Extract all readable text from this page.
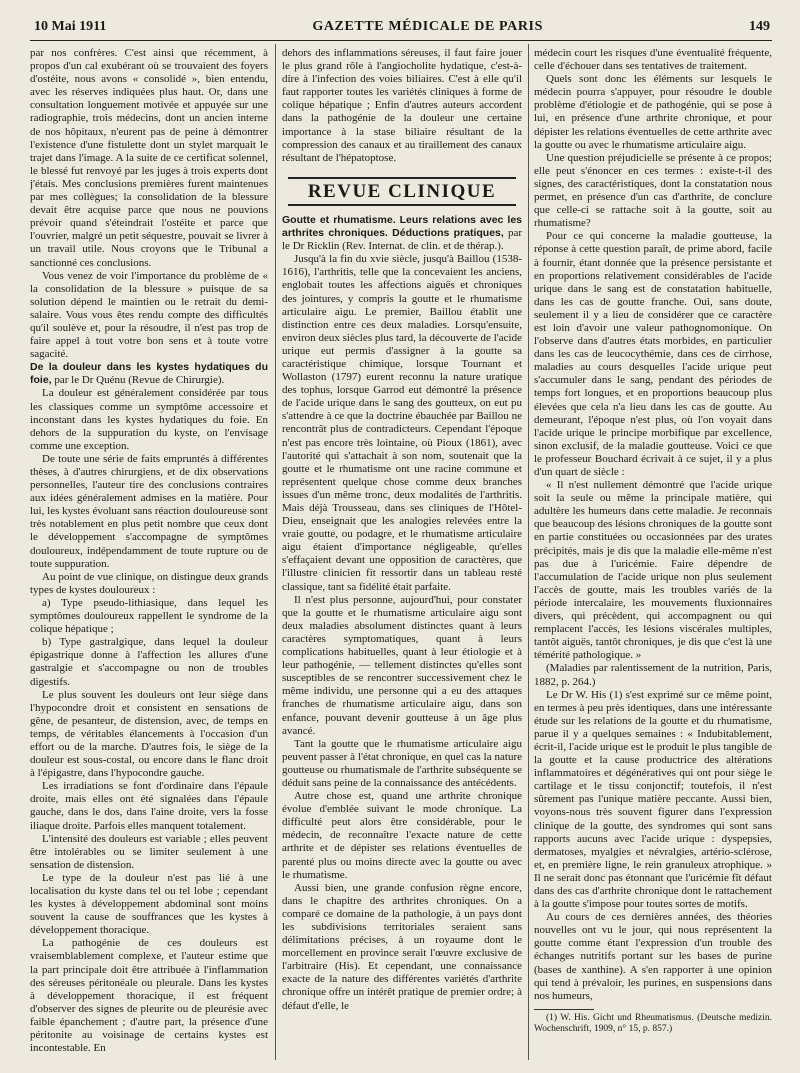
10 Mai 1911	GAZETTE MÉDICALE DE PARIS	149

par nos confrères. C'est ainsi que récemment, à propos d'un cal exubérant où se trouvaient des foyers d'ostéite, nous avons « consolidé », bien entendu, avec les réserves indiquées plus haut. Or, dans une consultation longuement motivée et appuyée sur une radiographie, trois médecins, dont un ancien interne de nos hôpitaux, n'eurent pas de peine à démontrer l'existence d'une fistulette dont un stylet marquait le trajet dans l'image. A la suite de ce certificat solennel, le blessé fut renvoyé par les juges à trois experts dont j'étais. Mes conclusions premières furent maintenues par mes collègues; la consolidation de la blessure devait être acquise parce que nous ne pouvions prévoir quand s'éteindrait l'ostéite et parce que l'ouvrier, malgré un petit séquestre, pouvait se livrer à un travail utile. Nous croyons que le Tribunal a sanctionné ces conclusions.

Vous venez de voir l'importance du problème de « la consolidation de la blessure » puisque de sa solution dépend le maintien ou le retrait du demi-salaire. Vous vous êtes rendu compte des difficultés qu'il soulève et, pour la résoudre, il n'est pas trop de faire appel à tout votre bon sens et à toute votre sagacité.

De la douleur dans les kystes hydatiques du foie, par le Dr Quénu (Revue de Chirurgie).

La douleur est généralement considérée par tous les classiques comme un symptôme accessoire et inconstant dans les kystes hydatiques du foie. En dehors de la suppuration du kyste, on l'envisage comme une exception.

De toute une série de faits empruntés à différentes thèses, à d'autres chirurgiens, et de dix observations personnelles, l'auteur tire des conclusions contraires aux idées généralement admises en la matière. Pour lui, les kystes évoluant sans réaction douloureuse sont très notablement en plus petit nombre que ceux dont le développement s'accompagne de symptômes douloureux, indépendamment de toute rupture ou de toute suppuration.

Au point de vue clinique, on distingue deux grands types de kystes douloureux :

a) Type pseudo-lithiasique, dans lequel les symptômes douloureux rappellent le syndrome de la colique hépatique ;

b) Type gastralgique, dans lequel la douleur épigastrique donne à l'affection les allures d'une gastralgie et s'accompagne ou non de troubles digestifs.

Le plus souvent les douleurs ont leur siège dans l'hypocondre droit et consistent en sensations de gêne, de pesanteur, de distension, avec, de temps en temps, de véritables élancements à l'occasion d'un effort ou de la marche. D'autres fois, le siège de la douleur est sous-costal, ou encore dans le flanc droit à l'épigastre, dans l'hypocondre gauche.

Les irradiations se font d'ordinaire dans l'épaule droite, mais elles ont été signalées dans l'épaule gauche, dans le dos, dans l'aine droite, vers la fosse iliaque droite. Parfois elles manquent totalement.

L'intensité des douleurs est variable ; elles peuvent être intolérables ou se limiter seulement à une sensation de distension.

Le type de la douleur n'est pas lié à une localisation du kyste dans tel ou tel lobe ; cependant les kystes à développement abdominal sont moins souvent la cause de souffrances que les kystes à développement thoracique.

La pathogénie de ces douleurs est vraisemblablement complexe, et l'auteur estime que la part principale doit être attribuée à l'inflammation des séreuses péritonéale ou pleurale. Dans les kystes à développement thoracique, il est fréquent d'observer des signes de pleurite ou de pleurésie avec faible épanchement ; d'autre part, la présence d'une péritonite au voisinage de certains kystes est incontestable. En

dehors des inflammations séreuses, il faut faire jouer le plus grand rôle à l'angiocholite hydatique, c'est-à-dire à l'infection des voies biliaires. C'est à elle qu'il faut rapporter toutes les variétés cliniques à forme de colique hépatique ; Enfin d'autres auteurs accordent dans la pathogénie de la douleur une certaine importance à la stase biliaire résultant de la compression des canaux et au tiraillement des canaux résultant de l'hépatoptose.

REVUE CLINIQUE

Goutte et rhumatisme. Leurs relations avec les arthrites chroniques. Déductions pratiques, par le Dr Ricklin (Rev. Internat. de clin. et de thérap.).

Jusqu'à la fin du xvie siècle, jusqu'à Baillou (1538-1616), l'arthritis, telle que la concevaient les anciens, englobait toutes les affections aiguës et chroniques des jointures, y compris la goutte et le rhumatisme articulaire aigu. Le premier, Baillou établit une distinction entre ces deux maladies. Lorsqu'ensuite, environ deux siècles plus tard, la découverte de l'acide urique eut permis d'assigner à la goutte sa caractéristique chimique, lorsque Tournant et Wollaston (1797) eurent reconnu la nature uratique des tophus, lorsque Garrod eut démontré la présence de l'acide urique dans le sang des goutteux, on eut pu s'attendre à ce que la doctrine ébauchée par Baillou ne rencontrât plus de contradicteurs. Cependant l'époque n'est pas encore très lointaine, où Pioux (1861), avec l'autorité qui s'attachait à son nom, soutenait que la goutte et le rhumatisme ont une racine commune et représentent quelque chose comme deux branches issues d'un même tronc, deux modalités de l'arthritis. Mais déjà Trousseau, dans ses cliniques de l'Hôtel-Dieu, enseignait que les analogies relevées entre la vraie goutte, ou podagre, et le rhumatisme articulaire aigu étaient d'importance négligeable, qu'elles s'effaçaient devant une opposition de caractères, que l'illustre clinicien fit ressortir dans un tableau resté classique, tant sa fidélité était parfaite.

Il n'est plus personne, aujourd'hui, pour constater que la goutte et le rhumatisme articulaire aigu sont deux maladies absolument distinctes quant à leurs caractères symptomatiques, quant à leurs complications habituelles, quant à leur étiologie et à leur pathogénie, — tellement distinctes qu'elles sont susceptibles de se rencontrer successivement chez le même individu, une personne qui a eu des attaques franches de rhumatisme articulaire aigu, dans son enfance, pouvant devenir goutteuse à un âge plus avancé.

Tant la goutte que le rhumatisme articulaire aigu peuvent passer à l'état chronique, en quel cas la nature goutteuse ou rhumatismale de l'arthrite subséquente se déduit sans peine de la connaissance des antécédents.

Autre chose est, quand une arthrite chronique évolue d'emblée suivant le mode chronique. La difficulté peut alors être considérable, pour le médecin, de reconnaître l'exacte nature de cette arthrite et de dépister ses relations éventuelles de parenté plus ou moins directe avec la goutte ou avec le rhumatisme.

Aussi bien, une grande confusion règne encore, dans le chapitre des arthrites chroniques. On a comparé ce domaine de la pathologie, à un pays dont les subdivisions territoriales seraient sans délimitations précises, à un royaume dont le morcellement en province serait l'œuvre exclusive de l'arbitraire (His). Et cependant, une connaissance exacte de la nature des différentes variétés d'arthrite chronique offre un intérêt pratique de premier ordre; à défaut d'elle, le

médecin court les risques d'une éventualité fréquente, celle d'échouer dans ses tentatives de traitement.

Quels sont donc les éléments sur lesquels le médecin pourra s'appuyer, pour résoudre le double problème d'étiologie et de pathogénie, qui se pose à lui, en présence d'une arthrite chronique, et pour dépister les relations éventuelles de cette arthrite avec la goutte ou avec le rhumatisme articulaire aigu.

Une question préjudicielle se présente à ce propos; elle peut s'énoncer en ces termes : existe-t-il des signes, des caractéristiques, dont la constatation nous permet, en présence d'un cas d'arthrite, de conclure que celle-ci se rattache soit à la goutte, soit au rhumatisme?

Pour ce qui concerne la maladie goutteuse, la réponse à cette question paraît, de prime abord, facile à fournir, étant donnée que la présence persistante et en proportions relativement considérables de l'acide urique dans le sang est de constatation habituelle, dans les cas de goutte franche. Oui, sans doute, seulement il y a lieu de considérer que ce caractère est loin d'avoir une valeur pathognomonique. On l'observe dans d'autres états morbides, en particulier dans les cas de leucocythémie, dans ces de cirrhose, maladies au cours desquelles l'acide urique peut s'accumuler dans le sang, pendant des périodes de temps fort longues, et en proportions beaucoup plus élevées que cela n'a lieu dans les cas de goutte. Au demeurant, l'époque n'est plus, où l'on voyait dans l'acide urique le principe morbifique par excellence, sinon exclusif, de la maladie goutteuse. Voici ce que le professeur Bouchard écrivait à ce sujet, il y a plus d'un quart de siècle :

« Il n'est nullement démontré que l'acide urique soit la seule ou même la principale matière, qui adultère les humeurs dans cette maladie. Je reconnais que beaucoup des lésions chroniques de la goutte sont en partie constituées ou occasionnées par des urates précipités, mais je dis que la maladie elle-même n'est pas due à l'uricémie. Faire dépendre de l'accumulation de l'acide urique non plus seulement l'accès de goutte, mais les troubles variés de la période intercalaire, les mouvements fluxionnaires divers, qui précèdent, qui accompagnent ou qui remplacent l'accès, les lésions viscérales multiples, tantôt aiguës, tantôt chroniques, je dis que c'est là une témérité pathologique. »

(Maladies par ralentissement de la nutrition, Paris, 1882, p. 264.)

Le Dr W. His (1) s'est exprimé sur ce même point, en termes à peu près identiques, dans une intéressante étude sur les relations de la goutte et du rhumatisme, parue il y a quelques semaines : « Indubitablement, écrit-il, l'acide urique est le produit le plus tangible de la goutte et la cause productrice des altérations inflammatoires et dégénératives qui ont pour siège le cartilage et le tissu conjonctif; toutefois, il n'est sûrement pas l'unique matière peccante. Aussi bien, voyons-nous très souvent figurer dans l'expression clinique de la goutte, des syndromes qui sont sans rapports aucuns avec l'acide urique : dyspepsies, dermatoses, myalgies et névralgies, artério-sclérose, et, en première ligne, le rein granuleux atrophique. » Il ne serait donc pas étonnant que l'uricémie fît défaut dans des cas d'arthrite chronique dont le rattachement à la goutte s'impose pour toutes sortes de motifs.

Au cours de ces dernières années, des théories nouvelles ont vu le jour, qui nous représentent la goutte comme étant l'expression d'un trouble des échanges nutritifs portant sur les bases de purine (bases de xanthine). A s'en rapporter à une opinion qui tend à prévaloir, les purines, en suspensions dans nos humeurs,

(1) W. His. Gicht und Rheumatismus. (Deutsche medizin. Wochenschrift, 1909, n° 15, p. 857.)
